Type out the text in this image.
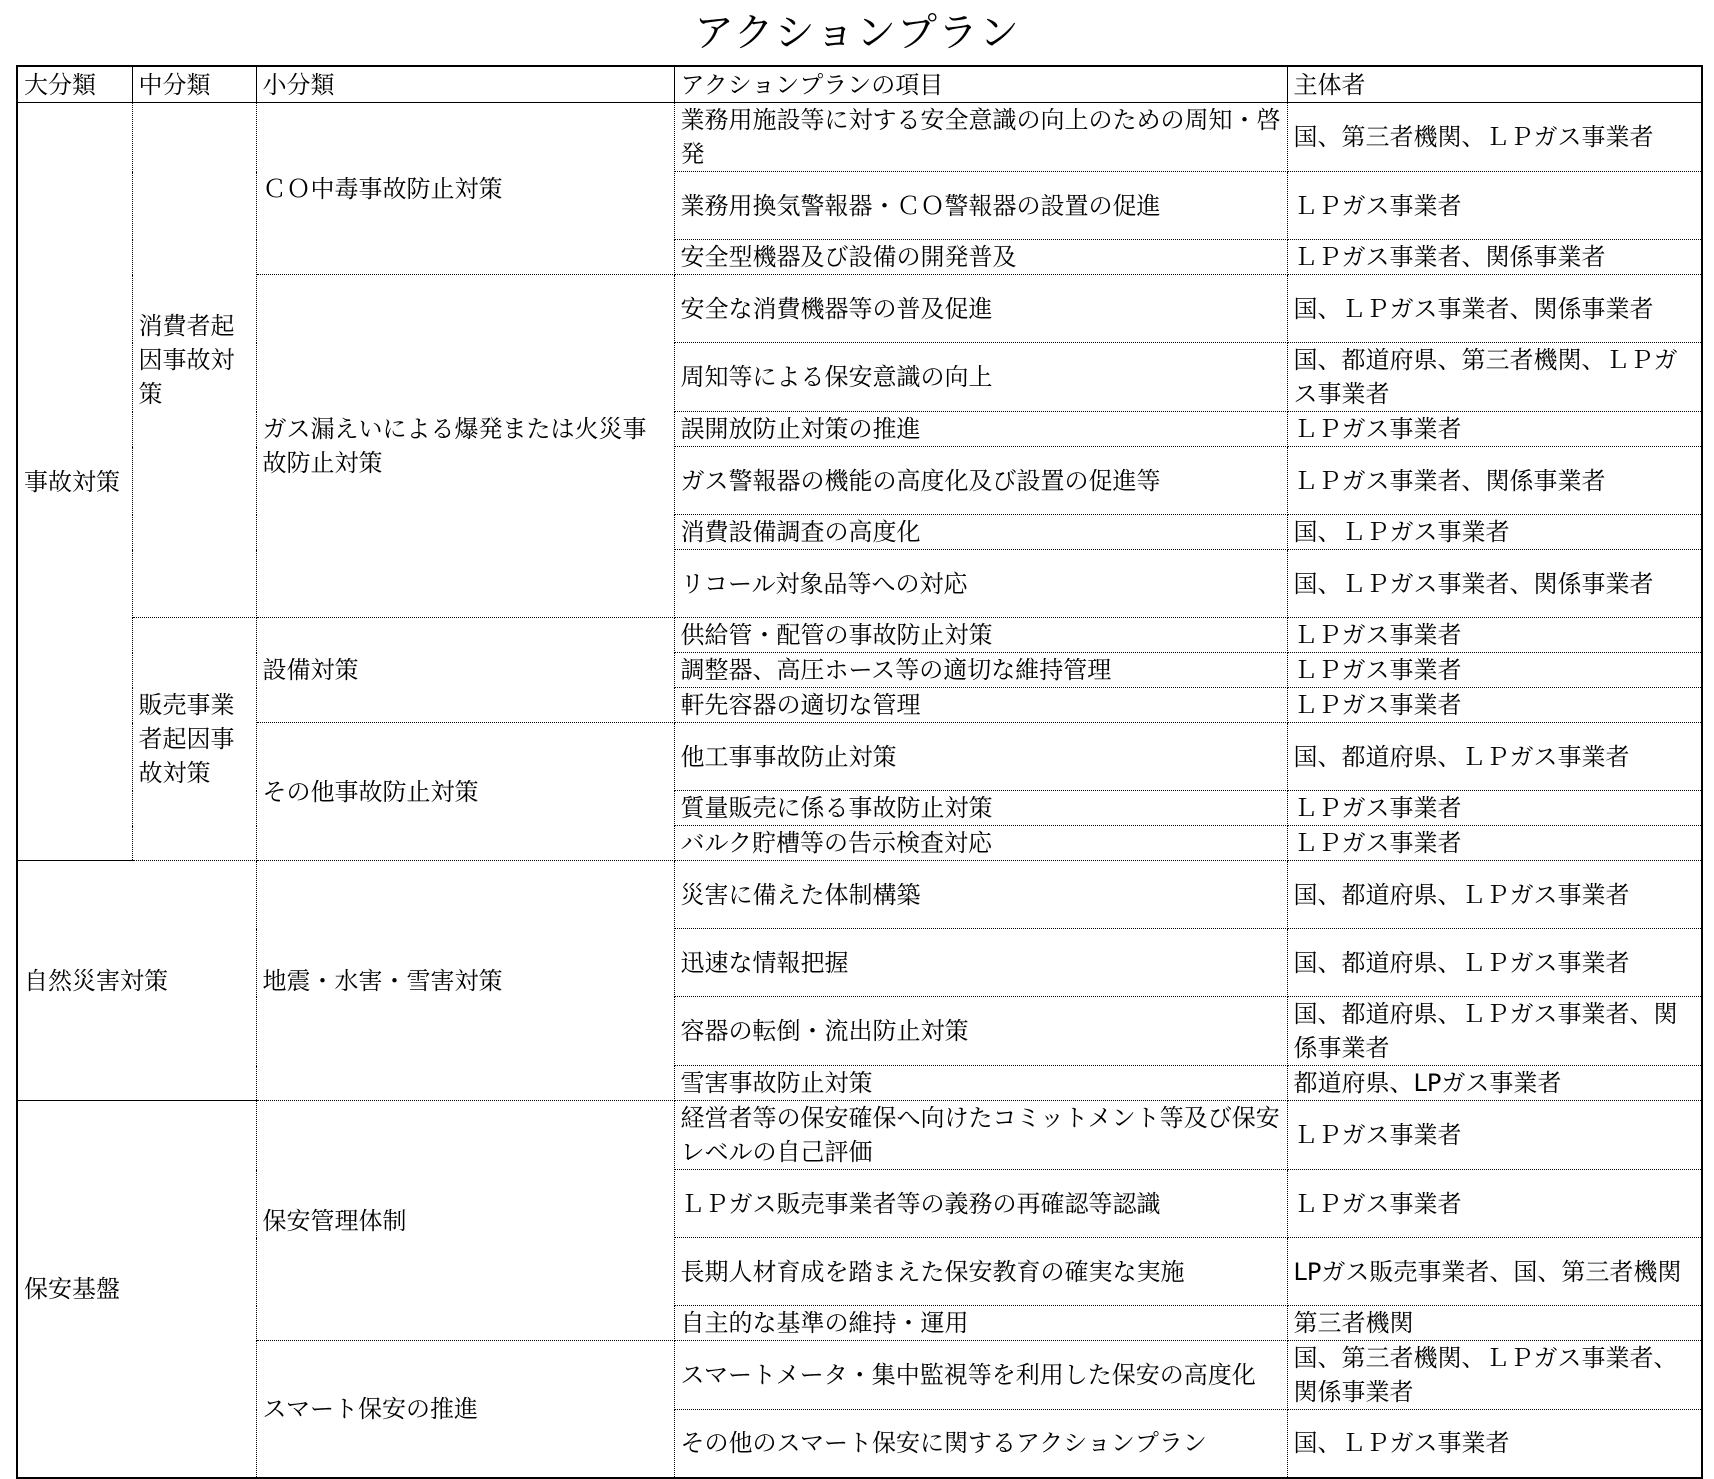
アクションプラン
大分類	中分類	小分類	アクションプランの項目	主体者
事故対策	消費者起因事故対策	ＣＯ中毒事故防止対策	業務用施設等に対する安全意識の向上のための周知・啓発	国、第三者機関、ＬＰガス事業者
			業務用換気警報器・ＣＯ警報器の設置の促進	ＬＰガス事業者
			安全型機器及び設備の開発普及	ＬＰガス事業者、関係事業者
		ガス漏えいによる爆発または火災事故防止対策	安全な消費機器等の普及促進	国、ＬＰガス事業者、関係事業者
			周知等による保安意識の向上	国、都道府県、第三者機関、ＬＰガス事業者
			誤開放防止対策の推進	ＬＰガス事業者
			ガス警報器の機能の高度化及び設置の促進等	ＬＰガス事業者、関係事業者
			消費設備調査の高度化	国、ＬＰガス事業者
			リコール対象品等への対応	国、ＬＰガス事業者、関係事業者
	販売事業者起因事故対策	設備対策	供給管・配管の事故防止対策	ＬＰガス事業者
			調整器、高圧ホース等の適切な維持管理	ＬＰガス事業者
			軒先容器の適切な管理	ＬＰガス事業者
		その他事故防止対策	他工事事故防止対策	国、都道府県、ＬＰガス事業者
			質量販売に係る事故防止対策	ＬＰガス事業者
			バルク貯槽等の告示検査対応	ＬＰガス事業者
自然災害対策		地震・水害・雪害対策	災害に備えた体制構築	国、都道府県、ＬＰガス事業者
			迅速な情報把握	国、都道府県、ＬＰガス事業者
			容器の転倒・流出防止対策	国、都道府県、ＬＰガス事業者、関係事業者
			雪害事故防止対策	都道府県、LPガス事業者
保安基盤		保安管理体制	経営者等の保安確保へ向けたコミットメント等及び保安レベルの自己評価	ＬＰガス事業者
			ＬＰガス販売事業者等の義務の再確認等認識	ＬＰガス事業者
			長期人材育成を踏まえた保安教育の確実な実施	LPガス販売事業者、国、第三者機関
			自主的な基準の維持・運用	第三者機関
		スマート保安の推進	スマートメータ・集中監視等を利用した保安の高度化	国、第三者機関、ＬＰガス事業者、関係事業者
			その他のスマート保安に関するアクションプラン	国、ＬＰガス事業者
